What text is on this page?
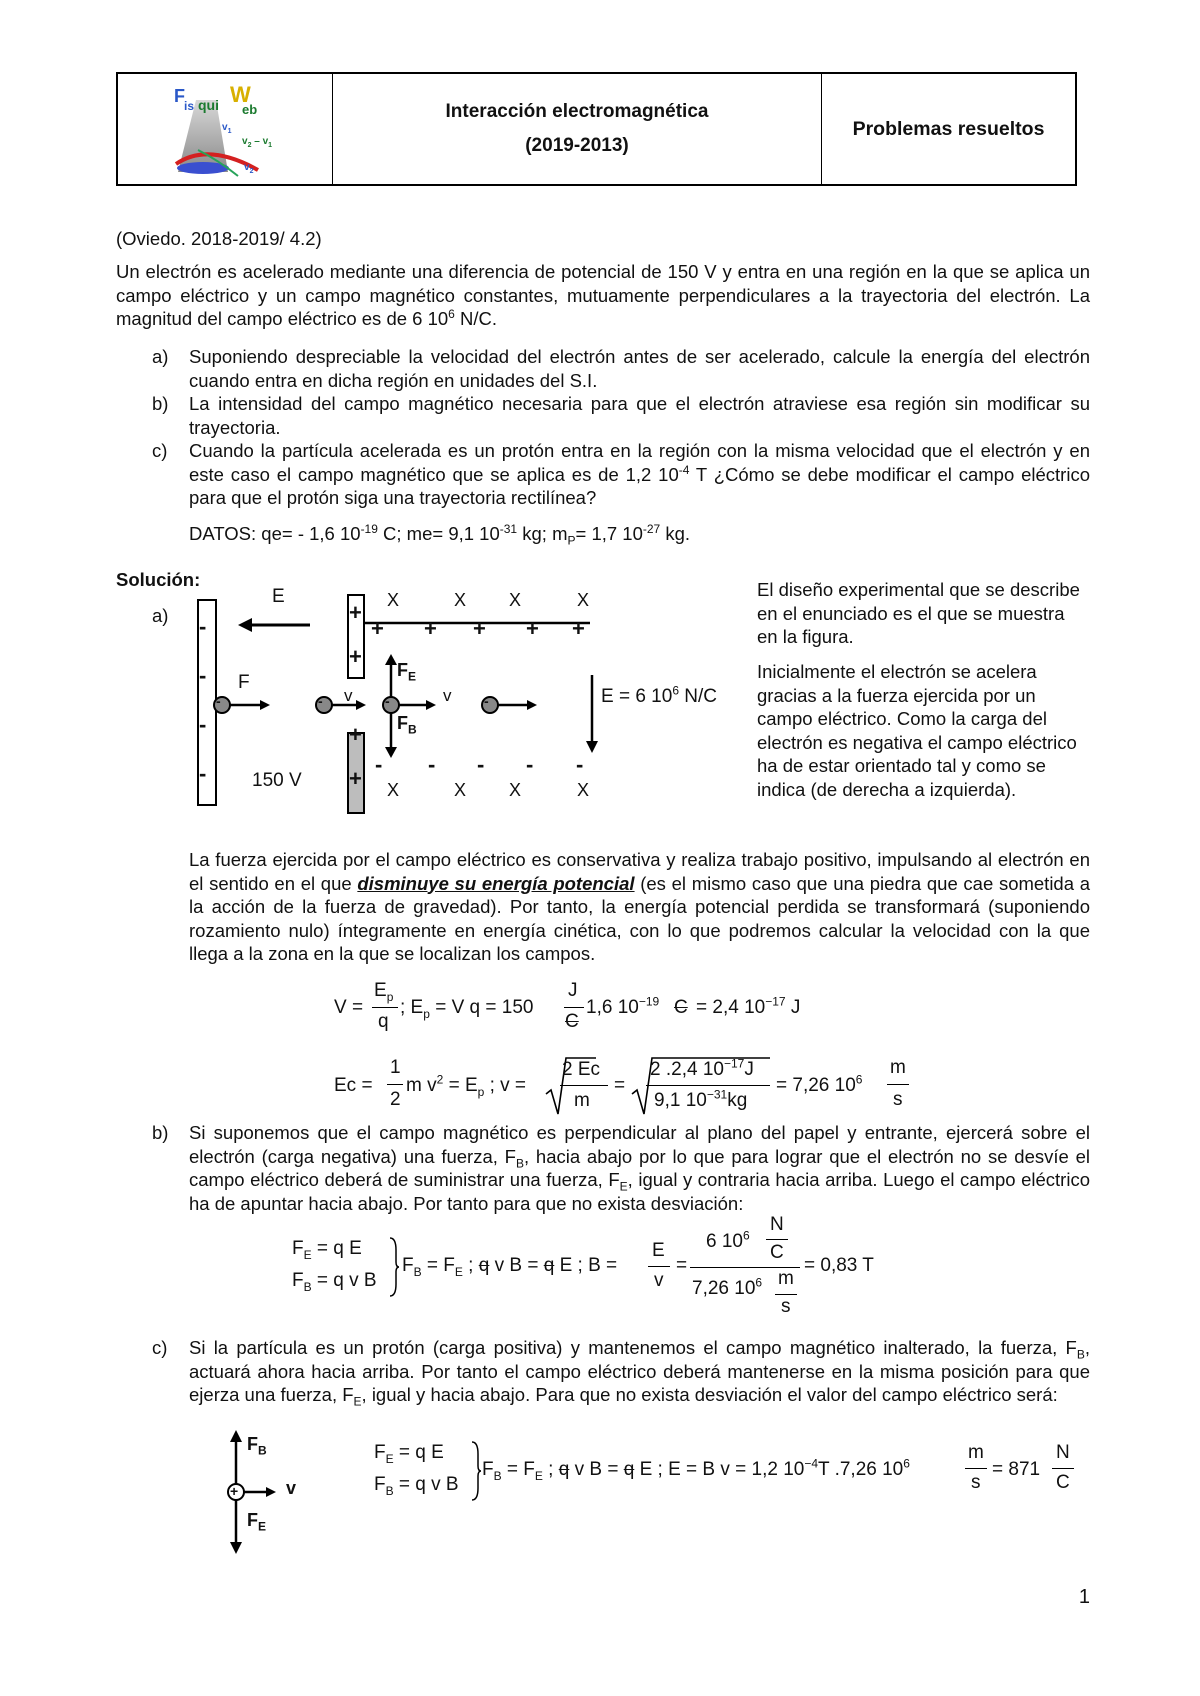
F is qui W
eb
$v_1$
$v_2 - v_1$
$v_2$
Interacción electromagnética
(2019-2013)
Problemas resueltos
(Oviedo. 2018-2019/ 4.2)
Un electrón es acelerado mediante una diferencia de potencial de 150 V y entra en una región en la que se aplica un campo eléctrico y un campo magnético constantes, mutuamente perpendiculares a la trayectoria del electrón. La magnitud del campo eléctrico es de 6 $10^6$ N/C.
a) Suponiendo despreciable la velocidad del electrón antes de ser acelerado, calcule la energía del electrón cuando entra en dicha región en unidades del S.I.
b) La intensidad del campo magnético necesaria para que el electrón atraviese esa región sin modificar su trayectoria.
c) Cuando la partícula acelerada es un protón entra en la región con la misma velocidad que el electrón y en este caso el campo magnético que se aplica es de 1,2 $10^{-4}$ T ¿Cómo se debe modificar el campo eléctrico para que el protón siga una trayectoria rectilínea?
DATOS: qe= - 1,6 $10^{-19}$ C; me= 9,1 $10^{-31}$ kg; $m_P= 1,7$ $10^{-27}$ kg.
Solución:
a)
E
F
150 V
v	v
$F_E$
$F_B$
E = 6 $10^6$ N/C
-
-
-
-
-	-	-	-
+
+
+
+
+ + + + +
- - - - -
X	X X	X
X	X X	X
El diseño experimental que se describe en el enunciado es el que se muestra en la figura.
Inicialmente el electrón se acelera gracias a la fuerza ejercida por un campo eléctrico. Como la carga del electrón es negativa el campo eléctrico ha de estar orientado tal y como se indica (de derecha a izquierda).
La fuerza ejercida por el campo eléctrico es conservativa y realiza trabajo positivo, impulsando al electrón en el sentido en el que disminuye su energía potencial (es el mismo caso que una piedra que cae sometida a la acción de la fuerza de gravedad). Por tanto, la energía potencial perdida se transformará (suponiendo rozamiento nulo) íntegramente en energía cinética, con lo que podremos calcular la velocidad con la que llega a la zona en la que se localizan los campos.
V =
$E_p$
q
; $E_p = V$ q = 150
J
C
1,6 $10^{-19}$ C = 2,4 $10^{-17}$ J
Ec =
1
2
m $v^2 = E_p$ ; v =
2 Ec
m
=
2 .2,4 $10^{-17}J$
9,1 $10^{-31}kg$
= 7,26 $10^6$
m
s
b) Si suponemos que el campo magnético es perpendicular al plano del papel y entrante, ejercerá sobre el electrón (carga negativa) una fuerza, $F_B$, hacia abajo por lo que para lograr que el electrón no se desvíe el campo eléctrico deberá de suministrar una fuerza, $F_E$, igual y contraria hacia arriba. Luego el campo eléctrico ha de apuntar hacia abajo. Por tanto para que no exista desviación:
$F_E = q$ E
$F_B = q$ v B
$F_B = F_E$ ; q v B = q E ; B =
E
v
=
6 $10^6$
N
C
7,26 $10^6$ m
s
= 0,83 T
c) Si la partícula es un protón (carga positiva) y mantenemos el campo magnético inalterado, la fuerza, $F_B$, actuará ahora hacia arriba. Por tanto el campo eléctrico deberá mantenerse en la misma posición para que ejerza una fuerza, $F_E$, igual y hacia abajo. Para que no exista desviación el valor del campo eléctrico será:
+
$F_B$
$F_E$
v
$F_E = q$ E
$F_B = q$ v B
$F_B = F_E$ ; q v B = q E ; E = B v = 1,2 $10^{-4}T$ .7,26 $10^6$
m
s
= 871
N
C
1
